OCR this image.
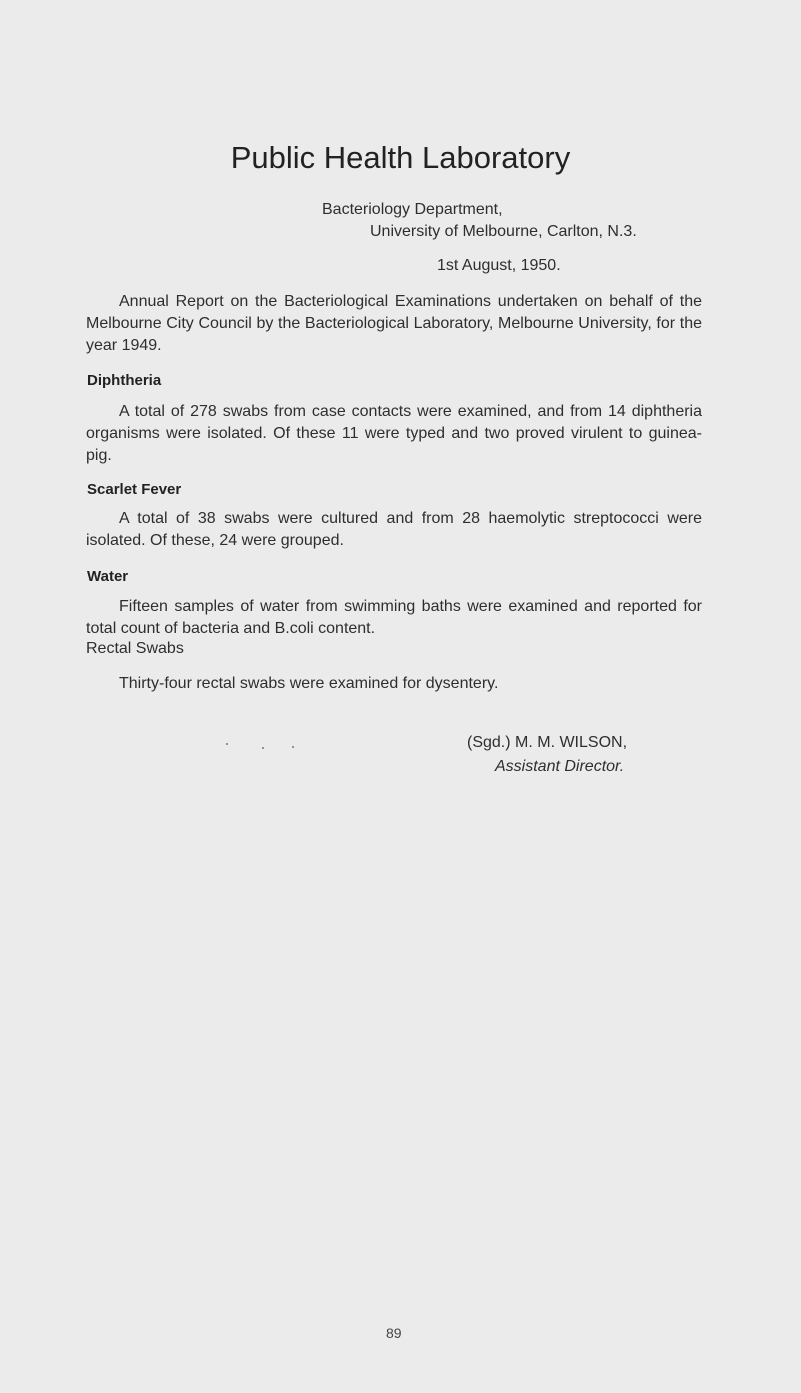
Public Health Laboratory
Bacteriology Department,
University of Melbourne, Carlton, N.3.
1st August, 1950.

Annual Report on the Bacteriological Examinations undertaken on behalf of the Melbourne City Council by the Bacteriological Laboratory, Melbourne University, for the year 1949.

Diphtheria

A total of 278 swabs from case contacts were examined, and from 14 diphtheria organisms were isolated. Of these 11 were typed and two proved virulent to guinea-pig.

Scarlet Fever

A total of 38 swabs were cultured and from 28 haemolytic streptococci were isolated. Of these, 24 were grouped.

Water

Fifteen samples of water from swimming baths were examined and reported for total count of bacteria and B.coli content.

Rectal Swabs
Thirty-four rectal swabs were examined for dysentery.
(Sgd.) M. M. WILSON,
Assistant Director.
89
